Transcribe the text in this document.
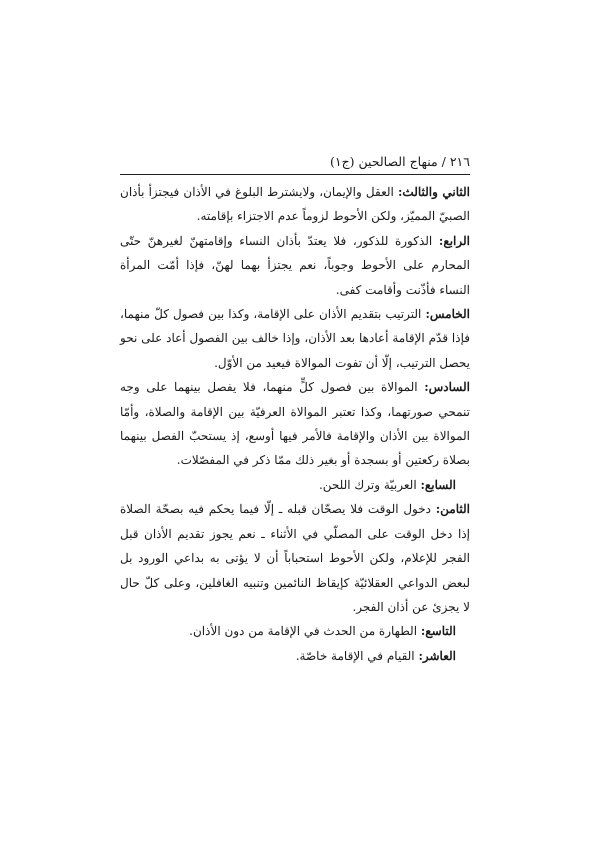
٢١٦ / منهاج الصالحين (ج١)

الثاني والثالث: العقل والإيمان، ولايشترط البلوغ في الأذان فيجتزأ بأذان الصبيّ المميّز، ولكن الأحوط لزوماً عدم الاجتزاء بإقامته.

الرابع: الذكورة للذكور، فلا يعتدّ بأذان النساء وإقامتهنّ لغيرهنّ حتّى المحارم على الأحوط وجوباً، نعم يجتزأ بهما لهنّ، فإذا أمّت المرأة النساء فأذّنت وأقامت كفى.

الخامس: الترتيب بتقديم الأذان على الإقامة، وكذا بين فصول كلّ منهما، فإذا قدّم الإقامة أعادها بعد الأذان، وإذا خالف بين الفصول أعاد على نحو يحصل الترتيب، إلّا أن تفوت الموالاة فيعيد من الأوّل.

السادس: الموالاة بين فصول كلٍّ منهما، فلا يفصل بينهما على وجه تنمحي صورتهما، وكذا تعتبر الموالاة العرفيّة بين الإقامة والصلاة، وأمّا الموالاة بين الأذان والإقامة فالأمر فيها أوسع، إذ يستحبّ الفصل بينهما بصلاة ركعتين أو بسجدة أو بغير ذلك ممّا ذكر في المفصّلات.

السابع: العربيّة وترك اللحن.

الثامن: دخول الوقت فلا يصحّان قبله ـ إلّا فيما يحكم فيه بصحّة الصلاة إذا دخل الوقت على المصلّي في الأثناء ـ نعم يجوز تقديم الأذان قبل الفجر للإعلام، ولكن الأحوط استحباباً أن لا يؤتى به بداعي الورود بل لبعض الدواعي العقلائيّة كإيقاظ النائمين وتنبيه الغافلين، وعلى كلّ حال لا يجزئ عن أذان الفجر.

التاسع: الطهارة من الحدث في الإقامة من دون الأذان.

العاشر: القيام في الإقامة خاصّة.
